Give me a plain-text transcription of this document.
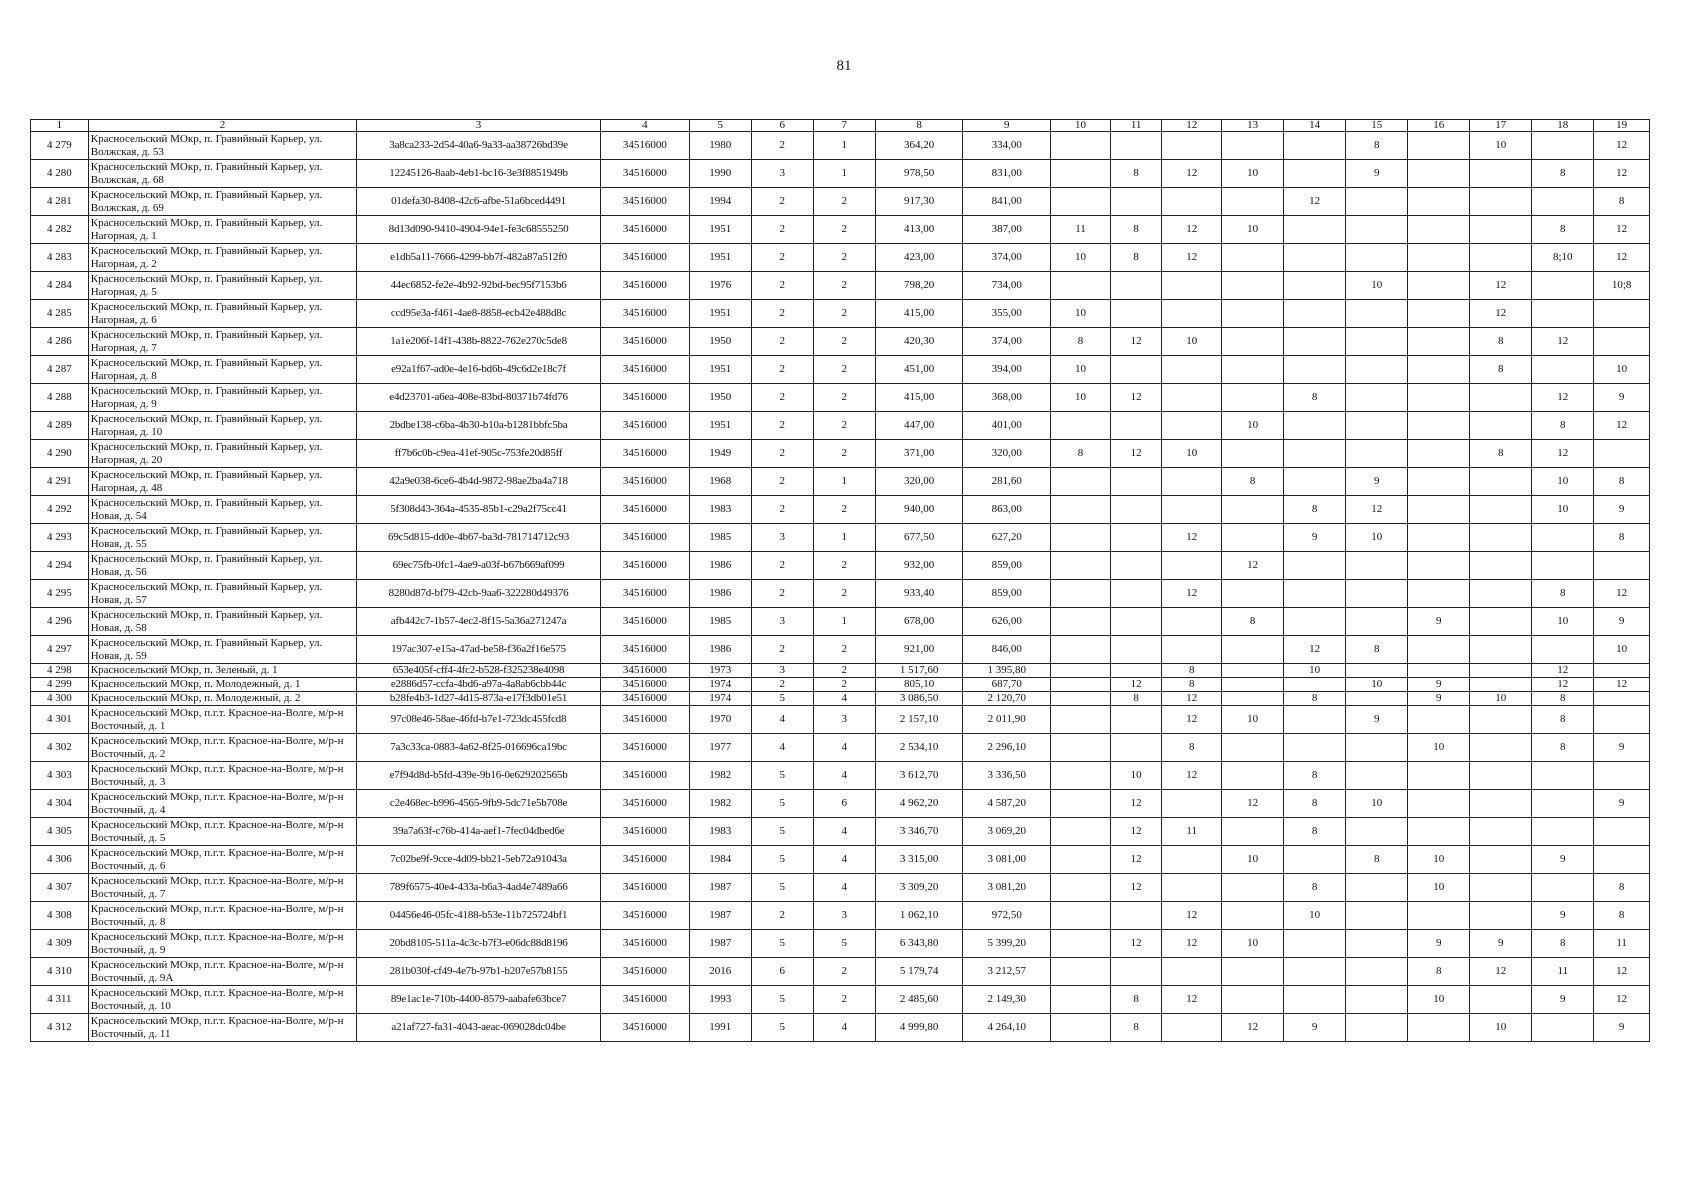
81
1	2	3	4	5	6	7	8	9	10	11	12	13	14	15	16	17	18	19
4 279	Красносельский МОкр, п. Гравийный Карьер, ул. Волжская, д. 53	3a8ca233-2d54-40a6-9a33-aa38726bd39e	34516000	1980	2	1	364,20	334,00						8		10		12
4 280	Красносельский МОкр, п. Гравийный Карьер, ул. Волжская, д. 68	12245126-8aab-4eb1-bc16-3e3f8851949b	34516000	1990	3	1	978,50	831,00		8	12	10		9			8	12
4 281	Красносельский МОкр, п. Гравийный Карьер, ул. Волжская, д. 69	01defa30-8408-42c6-afbe-51a6bced4491	34516000	1994	2	2	917,30	841,00					12					8
4 282	Красносельский МОкр, п. Гравийный Карьер, ул. Нагорная, д. 1	8d13d090-9410-4904-94e1-fe3c68555250	34516000	1951	2	2	413,00	387,00	11	8	12	10					8	12
4 283	Красносельский МОкр, п. Гравийный Карьер, ул. Нагорная, д. 2	e1db5a11-7666-4299-bb7f-482a87a512f0	34516000	1951	2	2	423,00	374,00	10	8	12						8;10	12
4 284	Красносельский МОкр, п. Гравийный Карьер, ул. Нагорная, д. 5	44ec6852-fe2e-4b92-92bd-bec95f7153b6	34516000	1976	2	2	798,20	734,00						10		12		10;8
4 285	Красносельский МОкр, п. Гравийный Карьер, ул. Нагорная, д. 6	ccd95e3a-f461-4ae8-8858-ecb42e488d8c	34516000	1951	2	2	415,00	355,00	10							12		
4 286	Красносельский МОкр, п. Гравийный Карьер, ул. Нагорная, д. 7	1a1e206f-14f1-438b-8822-762e270c5de8	34516000	1950	2	2	420,30	374,00	8	12	10					8	12	
4 287	Красносельский МОкр, п. Гравийный Карьер, ул. Нагорная, д. 8	e92a1f67-ad0e-4e16-bd6b-49c6d2e18c7f	34516000	1951	2	2	451,00	394,00	10							8		10
4 288	Красносельский МОкр, п. Гравийный Карьер, ул. Нагорная, д. 9	e4d23701-a6ea-408e-83bd-80371b74fd76	34516000	1950	2	2	415,00	368,00	10	12			8				12	9
4 289	Красносельский МОкр, п. Гравийный Карьер, ул. Нагорная, д. 10	2bdbe138-c6ba-4b30-b10a-b1281bbfc5ba	34516000	1951	2	2	447,00	401,00				10					8	12
4 290	Красносельский МОкр, п. Гравийный Карьер, ул. Нагорная, д. 20	ff7b6c0b-c9ea-41ef-905c-753fe20d85ff	34516000	1949	2	2	371,00	320,00	8	12	10					8	12	
4 291	Красносельский МОкр, п. Гравийный Карьер, ул. Нагорная, д. 48	42a9e038-6ce6-4b4d-9872-98ae2ba4a718	34516000	1968	2	1	320,00	281,60				8		9			10	8
4 292	Красносельский МОкр, п. Гравийный Карьер, ул. Новая, д. 54	5f308d43-364a-4535-85b1-c29a2f75cc41	34516000	1983	2	2	940,00	863,00					8	12			10	9
4 293	Красносельский МОкр, п. Гравийный Карьер, ул. Новая, д. 55	69c5d815-dd0e-4b67-ba3d-781714712c93	34516000	1985	3	1	677,50	627,20			12		9	10				8
4 294	Красносельский МОкр, п. Гравийный Карьер, ул. Новая, д. 56	69ec75fb-0fc1-4ae9-a03f-b67b669af099	34516000	1986	2	2	932,00	859,00				12						
4 295	Красносельский МОкр, п. Гравийный Карьер, ул. Новая, д. 57	8280d87d-bf79-42cb-9aa6-322280d49376	34516000	1986	2	2	933,40	859,00			12						8	12
4 296	Красносельский МОкр, п. Гравийный Карьер, ул. Новая, д. 58	afb442c7-1b57-4ec2-8f15-5a36a271247a	34516000	1985	3	1	678,00	626,00				8			9		10	9
4 297	Красносельский МОкр, п. Гравийный Карьер, ул. Новая, д. 59	197ac307-e15a-47ad-be58-f36a2f16e575	34516000	1986	2	2	921,00	846,00					12	8				10
4 298	Красносельский МОкр, п. Зеленый, д. 1	653e405f-cff4-4fc2-b528-f325238e4098	34516000	1973	3	2	1 517,60	1 395,80			8		10				12	
4 299	Красносельский МОкр, п. Молодежный, д. 1	e2886d57-ccfa-4bd6-a97a-4a8ab6cbb44c	34516000	1974	2	2	805,10	687,70		12	8			10	9		12	12
4 300	Красносельский МОкр, п. Молодежный, д. 2	b28fe4b3-1d27-4d15-873a-e17f3db01e51	34516000	1974	5	4	3 086,50	2 120,70		8	12		8		9	10	8	
4 301	Красносельский МОкр, п.г.т. Красное-на-Волге, м/р-н Восточный, д. 1	97c08e46-58ae-46fd-b7e1-723dc455fcd8	34516000	1970	4	3	2 157,10	2 011,90			12	10		9			8	
4 302	Красносельский МОкр, п.г.т. Красное-на-Волге, м/р-н Восточный, д. 2	7a3c33ca-0883-4a62-8f25-016696ca19bc	34516000	1977	4	4	2 534,10	2 296,10			8				10		8	9
4 303	Красносельский МОкр, п.г.т. Красное-на-Волге, м/р-н Восточный, д. 3	e7f94d8d-b5fd-439e-9b16-0e629202565b	34516000	1982	5	4	3 612,70	3 336,50		10	12		8					
4 304	Красносельский МОкр, п.г.т. Красное-на-Волге, м/р-н Восточный, д. 4	c2e468ec-b996-4565-9fb9-5dc71e5b708e	34516000	1982	5	6	4 962,20	4 587,20		12		12	8	10				9
4 305	Красносельский МОкр, п.г.т. Красное-на-Волге, м/р-н Восточный, д. 5	39a7a63f-c76b-414a-aef1-7fec04dbed6e	34516000	1983	5	4	3 346,70	3 069,20		12	11		8					
4 306	Красносельский МОкр, п.г.т. Красное-на-Волге, м/р-н Восточный, д. 6	7c02be9f-9cce-4d09-bb21-5eb72a91043a	34516000	1984	5	4	3 315,00	3 081,00		12		10		8	10		9	
4 307	Красносельский МОкр, п.г.т. Красное-на-Волге, м/р-н Восточный, д. 7	789f6575-40e4-433a-b6a3-4ad4e7489a66	34516000	1987	5	4	3 309,20	3 081,20		12			8		10			8
4 308	Красносельский МОкр, п.г.т. Красное-на-Волге, м/р-н Восточный, д. 8	04456e46-05fc-4188-b53e-11b725724bf1	34516000	1987	2	3	1 062,10	972,50			12		10				9	8
4 309	Красносельский МОкр, п.г.т. Красное-на-Волге, м/р-н Восточный, д. 9	20bd8105-511a-4c3c-b7f3-e06dc88d8196	34516000	1987	5	5	6 343,80	5 399,20		12	12	10			9	9	8	11
4 310	Красносельский МОкр, п.г.т. Красное-на-Волге, м/р-н Восточный, д. 9А	281b030f-cf49-4e7b-97b1-b207e57b8155	34516000	2016	6	2	5 179,74	3 212,57							8	12	11	12
4 311	Красносельский МОкр, п.г.т. Красное-на-Волге, м/р-н Восточный, д. 10	89e1ac1e-710b-4400-8579-aabafe63bce7	34516000	1993	5	2	2 485,60	2 149,30		8	12				10		9	12
4 312	Красносельский МОкр, п.г.т. Красное-на-Волге, м/р-н Восточный, д. 11	a21af727-fa31-4043-aeac-069028dc04be	34516000	1991	5	4	4 999,80	4 264,10		8		12	9			10		9
